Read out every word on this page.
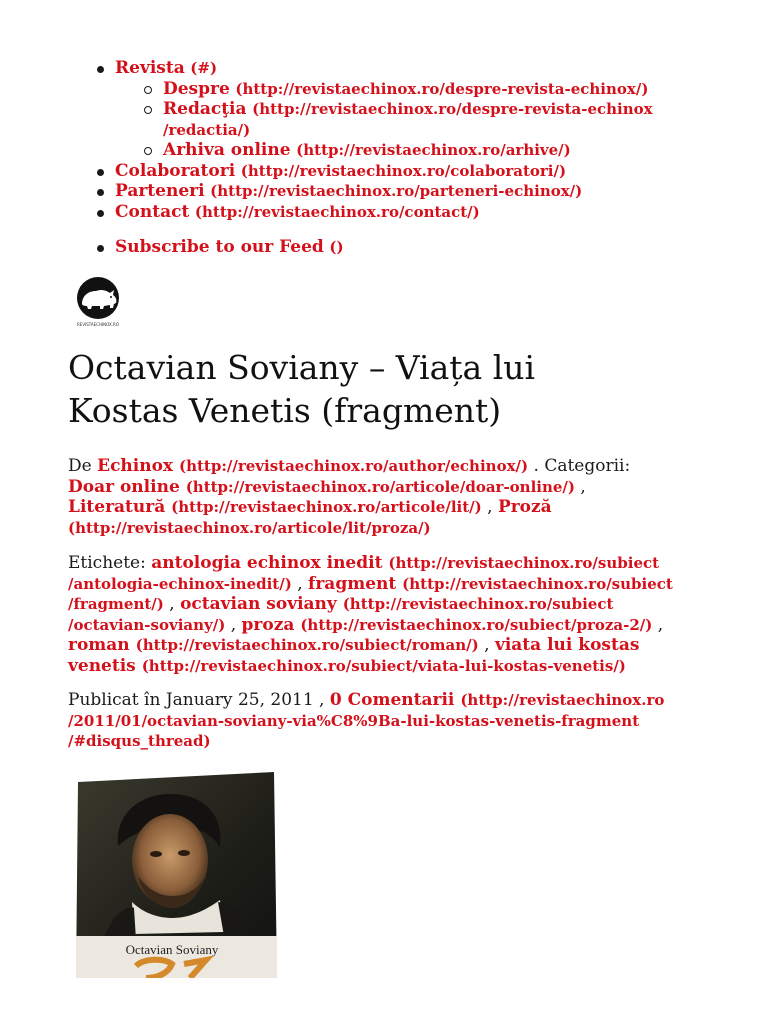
Revista (#)
Despre (http://revistaechinox.ro/despre-revista-echinox/)
Redacţia (http://revistaechinox.ro/despre-revista-echinox
/redactia/)
Arhiva online (http://revistaechinox.ro/arhive/)
Colaboratori (http://revistaechinox.ro/colaboratori/)
Parteneri (http://revistaechinox.ro/parteneri-echinox/)
Contact (http://revistaechinox.ro/contact/)
Subscribe to our Feed ()
REVISTAECHINOX.RO
Octavian Soviany – Viața lui
Kostas Venetis (fragment)
De Echinox (http://revistaechinox.ro/author/echinox/) . Categorii:
Doar online (http://revistaechinox.ro/articole/doar-online/) ,
Literatură (http://revistaechinox.ro/articole/lit/) , Proză
(http://revistaechinox.ro/articole/lit/proza/)
Etichete: antologia echinox inedit (http://revistaechinox.ro/subiect
/antologia-echinox-inedit/) , fragment (http://revistaechinox.ro/subiect
/fragment/) , octavian soviany (http://revistaechinox.ro/subiect
/octavian-soviany/) , proza (http://revistaechinox.ro/subiect/proza-2/) ,
roman (http://revistaechinox.ro/subiect/roman/) , viata lui kostas
venetis (http://revistaechinox.ro/subiect/viata-lui-kostas-venetis/)
Publicat în January 25, 2011 , 0 Comentarii (http://revistaechinox.ro
/2011/01/octavian-soviany-via%C8%9Ba-lui-kostas-venetis-fragment
/#disqus_thread)
Octavian Soviany
